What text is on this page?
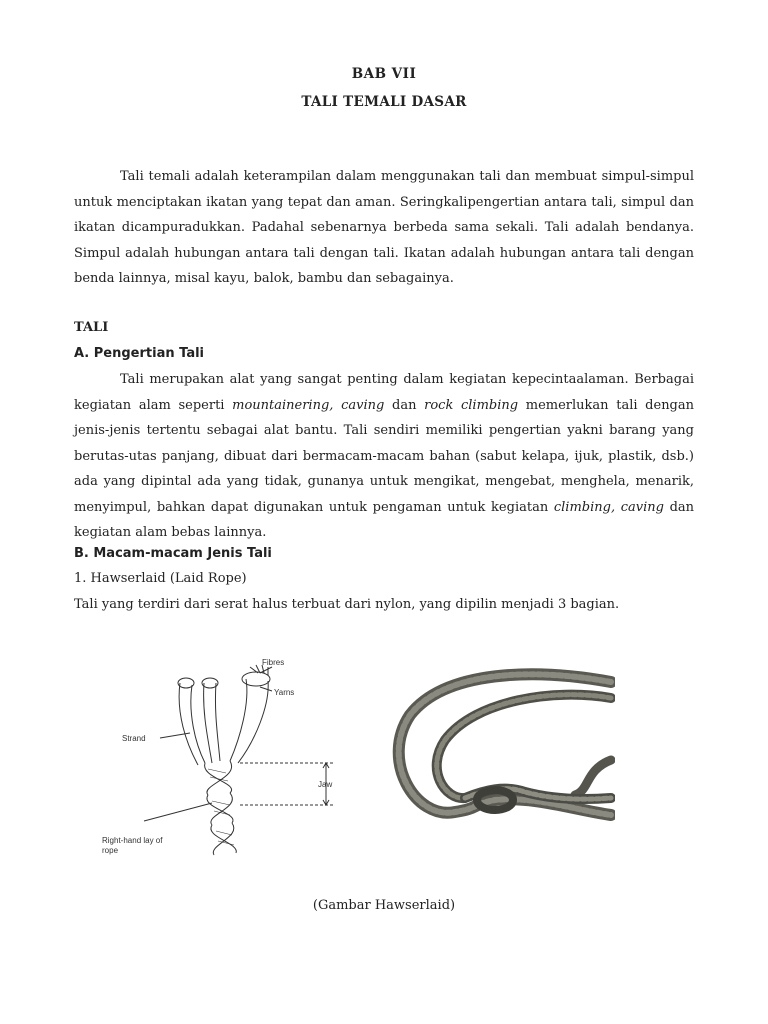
BAB VII
TALI TEMALI DASAR

Tali temali adalah keterampilan dalam menggunakan tali dan membuat simpul-simpul untuk menciptakan ikatan yang tepat dan aman. Seringkalipengertian antara tali, simpul dan ikatan dicampuradukkan. Padahal sebenarnya berbeda sama sekali. Tali adalah bendanya. Simpul adalah hubungan antara tali dengan tali. Ikatan adalah hubungan antara tali dengan benda lainnya, misal kayu, balok, bambu dan sebagainya.

TALI
A. Pengertian Tali

Tali merupakan alat yang sangat penting dalam kegiatan kepecintaalaman. Berbagai kegiatan alam seperti mountainering, caving dan rock climbing memerlukan tali dengan jenis-jenis tertentu sebagai alat bantu. Tali sendiri memiliki pengertian yakni barang yang berutas-utas panjang, dibuat dari bermacam-macam bahan (sabut kelapa, ijuk, plastik, dsb.) ada yang dipintal ada yang tidak, gunanya untuk mengikat, mengebat, menghela, menarik, menyimpul, bahkan dapat digunakan untuk pengaman untuk kegiatan climbing, caving dan kegiatan alam bebas lainnya.

B. Macam-macam Jenis Tali
1. Hawserlaid (Laid Rope)
Tali yang terdiri dari serat halus terbuat dari nylon, yang dipilin menjadi 3 bagian.
Fibres
Yarns
Strand
Jaw
Right-hand lay of
rope
(Gambar Hawserlaid)
